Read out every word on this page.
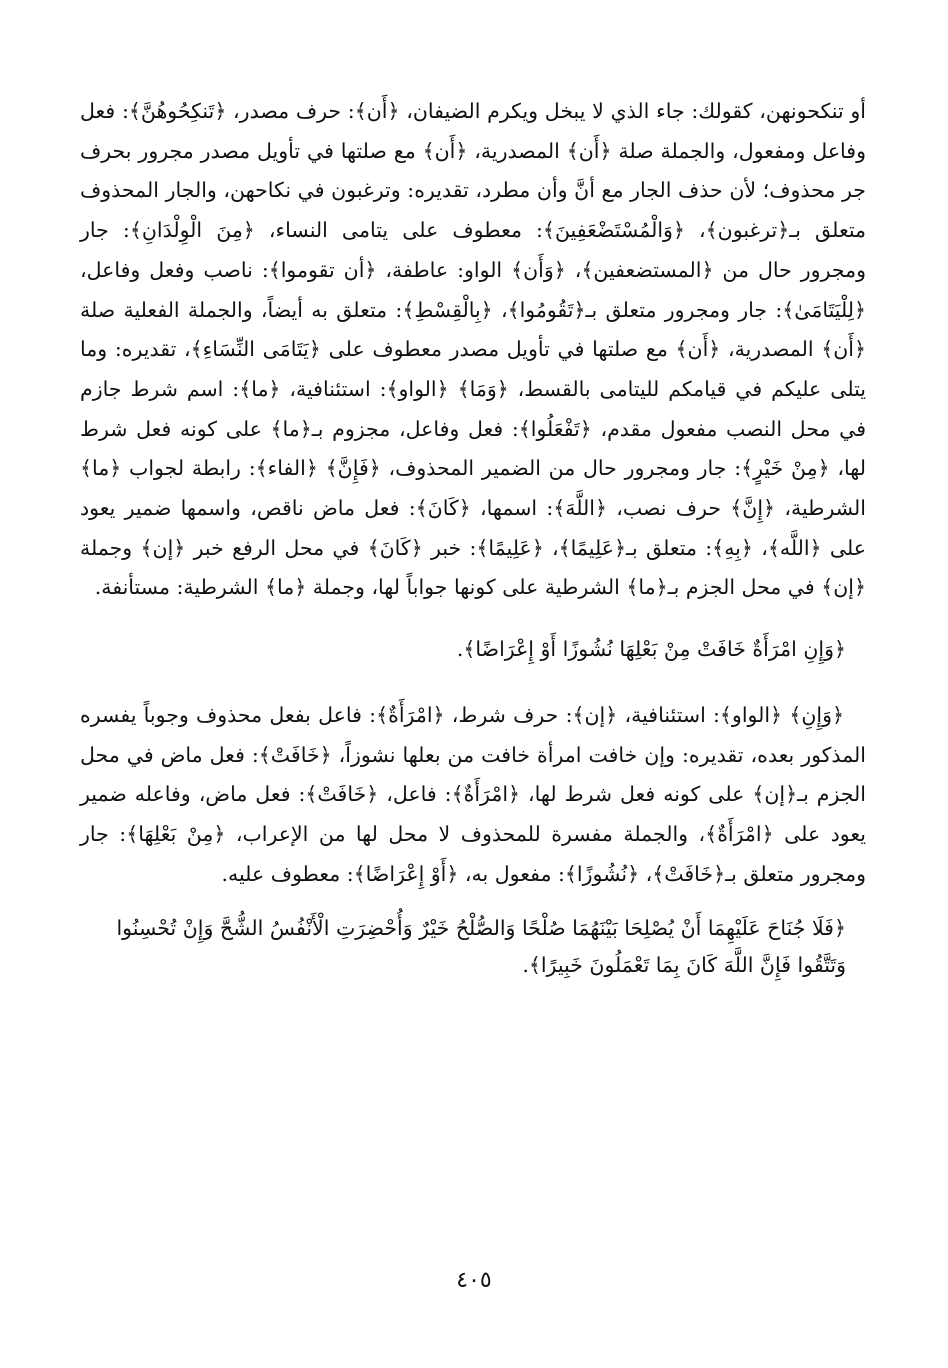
أو تنكحونهن، كقولك: جاء الذي لا يبخل ويكرم الضيفان، ﴿أَن﴾: حرف مصدر، ﴿تَنكِحُوهُنَّ﴾: فعل وفاعل ومفعول، والجملة صلة ﴿أَن﴾ المصدرية، ﴿أَن﴾ مع صلتها في تأويل مصدر مجرور بحرف جر محذوف؛ لأن حذف الجار مع أنَّ وأن مطرد، تقديره: وترغبون في نكاحهن، والجار المحذوف متعلق بـ﴿ترغبون﴾، ﴿وَالْمُسْتَضْعَفِينَ﴾: معطوف على يتامى النساء، ﴿مِنَ الْوِلْدَانِ﴾: جار ومجرور حال من ﴿المستضعفين﴾، ﴿وَأَن﴾ الواو: عاطفة، ﴿أن تقوموا﴾: ناصب وفعل وفاعل، ﴿لِلْيَتَامَىٰ﴾: جار ومجرور متعلق بـ﴿تَقُومُوا﴾، ﴿بِالْقِسْطِ﴾: متعلق به أيضاً، والجملة الفعلية صلة ﴿أَن﴾ المصدرية، ﴿أَن﴾ مع صلتها في تأويل مصدر معطوف على ﴿يَتَامَى النِّسَاءِ﴾، تقديره: وما يتلى عليكم في قيامكم لليتامى بالقسط، ﴿وَمَا﴾ ﴿الواو﴾: استئنافية، ﴿ما﴾: اسم شرط جازم في محل النصب مفعول مقدم، ﴿تَفْعَلُوا﴾: فعل وفاعل، مجزوم بـ﴿ما﴾ على كونه فعل شرط لها، ﴿مِنْ خَيْرٍ﴾: جار ومجرور حال من الضمير المحذوف، ﴿فَإِنَّ﴾ ﴿الفاء﴾: رابطة لجواب ﴿ما﴾ الشرطية، ﴿إِنَّ﴾ حرف نصب، ﴿اللَّهَ﴾: اسمها، ﴿كَانَ﴾: فعل ماض ناقص، واسمها ضمير يعود على ﴿اللَّه﴾، ﴿بِهِ﴾: متعلق بـ﴿عَلِيمًا﴾، ﴿عَلِيمًا﴾: خبر ﴿كَانَ﴾ في محل الرفع خبر ﴿إن﴾ وجملة ﴿إن﴾ في محل الجزم بـ﴿ما﴾ الشرطية على كونها جواباً لها، وجملة ﴿ما﴾ الشرطية: مستأنفة.

﴿وَإِنِ امْرَأَةٌ خَافَتْ مِنْ بَعْلِهَا نُشُوزًا أَوْ إِعْرَاضًا﴾.

﴿وَإِنِ﴾ ﴿الواو﴾: استئنافية، ﴿إن﴾: حرف شرط، ﴿امْرَأَةٌ﴾: فاعل بفعل محذوف وجوباً يفسره المذكور بعده، تقديره: وإن خافت امرأة خافت من بعلها نشوزاً، ﴿خَافَتْ﴾: فعل ماض في محل الجزم بـ﴿إن﴾ على كونه فعل شرط لها، ﴿امْرَأَةٌ﴾: فاعل، ﴿خَافَتْ﴾: فعل ماض، وفاعله ضمير يعود على ﴿امْرَأَةٌ﴾، والجملة مفسرة للمحذوف لا محل لها من الإعراب، ﴿مِنْ بَعْلِهَا﴾: جار ومجرور متعلق بـ﴿خَافَتْ﴾، ﴿نُشُوزًا﴾: مفعول به، ﴿أَوْ إِعْرَاضًا﴾: معطوف عليه.

﴿فَلَا جُنَاحَ عَلَيْهِمَا أَنْ يُصْلِحَا بَيْنَهُمَا صُلْحًا وَالصُّلْحُ خَيْرٌ وَأُحْضِرَتِ الْأَنْفُسُ الشُّحَّ وَإِنْ تُحْسِنُوا وَتَتَّقُوا فَإِنَّ اللَّهَ كَانَ بِمَا تَعْمَلُونَ خَبِيرًا﴾.

٤٠٥
